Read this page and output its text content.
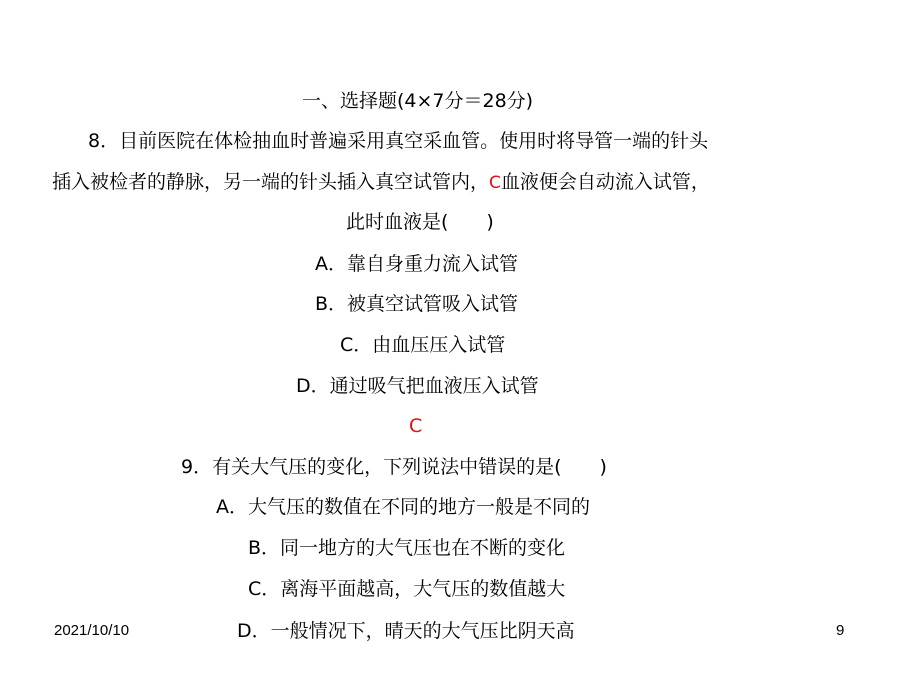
一、选择题(4×7分＝28分)
8．目前医院在体检抽血时普遍采用真空采血管。使用时将导管一端的针头
插入被检者的静脉，另一端的针头插入真空试管内，C血液便会自动流入试管，
此时血液是(　　)
A．靠自身重力流入试管
B．被真空试管吸入试管
C．由血压压入试管
D．通过吸气把血液压入试管
C
9．有关大气压的变化，下列说法中错误的是(　　)
A．大气压的数值在不同的地方一般是不同的
B．同一地方的大气压也在不断的变化
C．离海平面越高，大气压的数值越大
D．一般情况下，晴天的大气压比阴天高
2021/10/10	9
